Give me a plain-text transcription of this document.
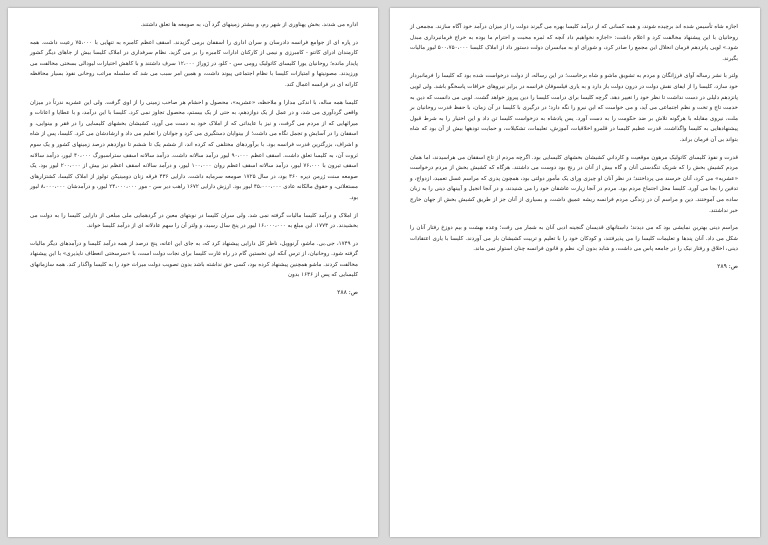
اداره می شدند. بخش پهناوری از شهر رم، و بیشتر زمینهای گرد آن، به صومعه ها تعلق داشتند.

در پاره ای از جوامع فرانسه دادرسان و سران اداری را اسقفان برمی گزیدند. اسقف اعظم کامبره به تنهایی با ۷۵،۰۰۰ رعیت داشت. همه کارمندان ادرای کانتو - کامبرزی و نیمی از کارکنان ادارات کامبره را بر می گزید. نظام سرفداری در املاک کلیسا بیش از جاهای دیگر کشور پایدار مانده؛ روحانیان یورا کلیسای کاتولیک رومی سن - کلو، در ژوراژ ۱۲،۰۰۰ سرف داشتند و با کاهش اختیارات لیودالی بسختی مخالفت می ورزیدند. مصونیتها و امتیازات کلیسا با نظام اجتماعی پیوند داشت، و همین امر سبب می شد که سلسله مراتب روحانی نفوذ بسیار محافظه کارانه ای در فرانسه اعمال کند.

کلیسا همه ساله، با اندکی مدارا و ملاحظه، «عشریه»، محصول و احشام هر صاحب زمینی را از اوی گرفت. ولی این عشریه ندرتاً در میزان واقعی گردآوری می شد، و در عمل از یک دوازدهم، به حتی از یک بیستم، محصول تجاوز نمی کرد. کلیسا با این درآمد، و با عطایا و اعانات و میراثهایی که از مردم می گرفت، و نیز با عایداتی که از املاک خود به دست می آورد، کشیشان بخشهای کلیسایی را در فقر و بینوایی، و اسقفان را در آسایش و تجمل نگاه می داشت؛ از بینوایان دستگیری می کرد و جوانان را تعلیم می داد و ارشادشان می کرد. کلیسا، پس از شاه و اشراف، بزرگترین قدرت فرانسه بود. با برآوردهای مختلفی که کرده اند، از ششم یک تا ششم تا دوازدهم درصد زمینهای کشور و یک سوم ثروت آن، به کلیسا تعلق داشت. اسقف اعظم ۹۰،۰۰۰ لیور درآمد سالانه داشت. درآمد سالانه اسقف ستراسبورگ ۴۰،۰۰۰ لیور، درآمد سالانه اسقف تیرون با ۷۶،۰۰۰ لیور، درآمد سالانه اسقف اعظم روان ۱۰۰،۰۰۰ لیور، و درآمد سالانه اسقف اعظم نیز بیش از ۲۰۰،۰۰۰ لیور بود. یک صومعه سنت ژرمن دپره ۳۶۰ بود، در سال ۱۷۲۵ صومعه سرمایه داشت. دارایی ۴۳۶ فرقه زنان دومینیکن تولوز از املاک کلیسا، کشتزارهای مستغلاتی، و حقوق مالکانه عادی ۴۵،۰۰۰،۰۰۰ لیور بود. ارزش دارایی ۱۶۷۲ راهب دیر سن - مور ۲۴،۰۰۰،۰۰۰ لیور، و درآمدشان ۸،۰۰۰،۰۰۰ لیور بود.

از املاک و درآمد کلیسا مالیات گرفته نمی شد. ولی سران کلیسا در نوبتهای معین در گردهمایی ملی مبلغی از دارایی کلیسا را به دولت می بخشیدند. در ۱۷۷۳، این مبلغ به ۱۶،۰۰۰،۰۰۰ لیور در پنج سال رسید، و ولتر آن را سهم عادلانه ای از درآمد کلیسا خواند.

در ۱۷۴۹، جی.بی. ماشو، آرنوویل، ناظر کل دارایی پیشنهاد کرد که، به جای این اعانه، پنج درصد از همه درآمد کلیسا و درآمدهای دیگر مالیات گرفته شود. روحانیان، از ترس آنکه این نخستین گام در راه غارت کلیسا برای نجات دولت است، با «سرسختی انعطاف ناپذیری» با این پیشنهاد مخالفت کردند. ماشو همچنین پیشنهاد کرده بود، کسی حق نداشته باشد بدون تصویب دولت میراث خود را به کلیسا واگذار کند. همه سازمانهای کلیسایی که پس از ۱۶۳۶ بدون

ص: ۲۸۸

اجازه شاه تأسیس شده اند برچیده شوند، و همه کسانی که از درآمد کلیسا بهره می گیرند دولت را از میزان درآمد خود آگاه سازند. مجمعی از روحانیان با این پیشنهاد مخالفت کرد و اعلام داشت: «اجازه نخواهیم داد آنچه که ثمره محبت و احترام ما بوده به خراج فرمانبرداری مبدل شود.» لویی پانزدهم فرمان انحلال این مجمع را صادر کرد، و شورای او به میانسران دولت دستور داد از املاک کلیسا ۵۰۰،۷۵۰،۰۰۰ لیور مالیات بگیرند.

ولتر با نشر رساله آوای فرزانگان و مردم به تشویق ماشو و شاه برخاست؛ در این رساله، از دولت درخواست شده بود که کلیسا را فرمانبردار خود سازد، کلیسا را از ایفای نقش دولت در درون دولت باز دارد و به یاری فیلسوفان فرانسه در برابر نیروهای خرافات پاسخگو باشد. ولی لویی پانزدهم دلیلی در دست نداشت تا نظر خود را تغییر دهد. گرچه کلیسا برای درامت کلیسا را دین پیروز خواهد گشت. لویی می دانست که دین به خدمت تاج و تخت و نظم اجتماعی می آید، و می خواست که این نیرو را نگه دارد؛ در درگیری با کلیسا در آن زمان، با حفظ قدرت روحانیان بر ملت، نیروی مقابله با هرگونه تلاش بر ضد حکومت را به دست آورد. پس پادشاه به درخواست کلیسا تن داد و این اختیار را به شرط قبول پیشنهادهایی به کلیسا واگذاشت. قدرت عظیم کلیسا در قلمرو اخلاقیات، آموزش، تعلیمات، تشکیلات، و حمایت تودهها بیش از آن بود که شاه بتواند بی آن فرمان براند.

قدرت و نفوذ کلیسای کاتولیک مرهون موقعیت و کارداني کشیشان بخشهای کلیسایی بود. اگرچه مردم از تاج اسقفان می هراسیدند، اما همان مردم کشیش بخش را که شریک تنگدستی آنان و گاه بیش از آنان در رنج بود دوست می داشتند. هرگاه که کشیش بخش از مردم درخواست «عشریه» می کرد، آنان خرسند می پرداختند؛ در نظر آنان او چیزی ورای یک مأمور دولتی بود، همچون پدری که مراسم غسل تعمید، ازدواج، و تدفین را بجا می آورد. کلیسا محل اجتماع مردم بود. مردم در آنجا زیارت عاشقان خود را می شنیدند، و در آنجا انجیل و آیینهای دینی را به زبان ساده می آموختند. دین و مراسم آن در زندگی مردم فرانسه ریشه عمیق داشت، و بسیاری از آنان جز از طریق کشیش بخش از جهان خارج خبر نداشتند.

مراسم دینی بهترین نمایشی بود که می دیدند؛ داستانهای قدیسان گنجینه ادبی آنان به شمار می رفت؛ وعده بهشت و بیم دوزخ رفتار آنان را شکل می داد. آنان پندها و تعلیمات کلیسا را می پذیرفتند، و کودکان خود را با تعلیم و تربیت کشیشان بار می آوردند. کلیسا با یاری اعتقادات دینی، اخلاق و رفتار نیک را در جامعه پاس می داشت، و شاید بدون آن، نظم و قانون فرانسه چنان استوار نمی ماند.

ص: ۲۸۹
